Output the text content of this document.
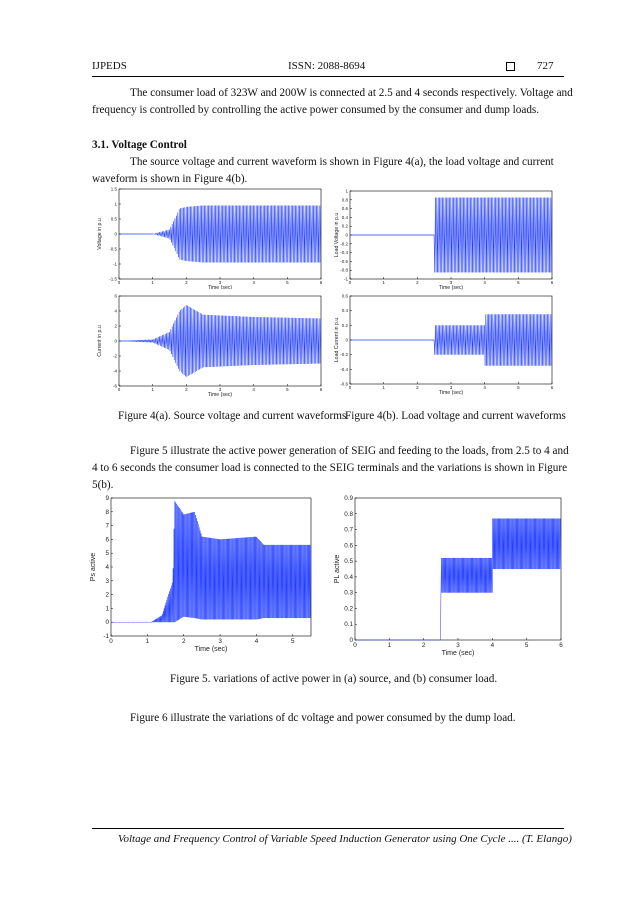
IJPEDS	ISSN: 2088-8694	727
The consumer load of 323W and 200W is connected at 2.5 and 4 seconds respectively. Voltage and
frequency is controlled by controlling the active power consumed by the consumer and dump loads.
3.1. Voltage Control
The source voltage and current waveform is shown in Figure 4(a), the load voltage and current
waveform is shown in Figure 4(b).
0	1	2	3	4	5	6
-1.5
-1
-0.5
0
0.5
1
1.5
Time (sec)
Voltage in p.u
0	1	2	3	4	5	6
-1
-0.8
-0.6
-0.4
-0.2
0
0.2
0.4
0.6
0.8
1
Time (sec)
Load Voltage in p.u
0	1	2	3	4	5	6
-6
-4
-2
0
2
4
6
Time (sec)
Current in p.u
0	1	2	3	4	5	6
-0.6
-0.4
-0.2
0
0.2
0.4
0.6
Time (sec)
Load Current in p.u
Figure 4(a). Source voltage and current waveforms
Figure 4(b). Load voltage and current waveforms
Figure 5 illustrate the active power generation of SEIG and feeding to the loads, from 2.5 to 4 and
4 to 6 seconds the consumer load is connected to the SEIG terminals and the variations is shown in Figure
5(b).
0	1	2	3	4	5
-1
0
1
2
3
4
5
6
7
8
9
Time (sec)
Ps active
0	1	2	3	4	5	6
0
0.1
0.2
0.3
0.4
0.5
0.6
0.7
0.8
0.9
Time (sec)
PL active
Figure 5. variations of active power in (a) source, and (b) consumer load.
Figure 6 illustrate the variations of dc voltage and power consumed by the dump load.
Voltage and Frequency Control of Variable Speed Induction Generator using One Cycle .... (T. Elango)
